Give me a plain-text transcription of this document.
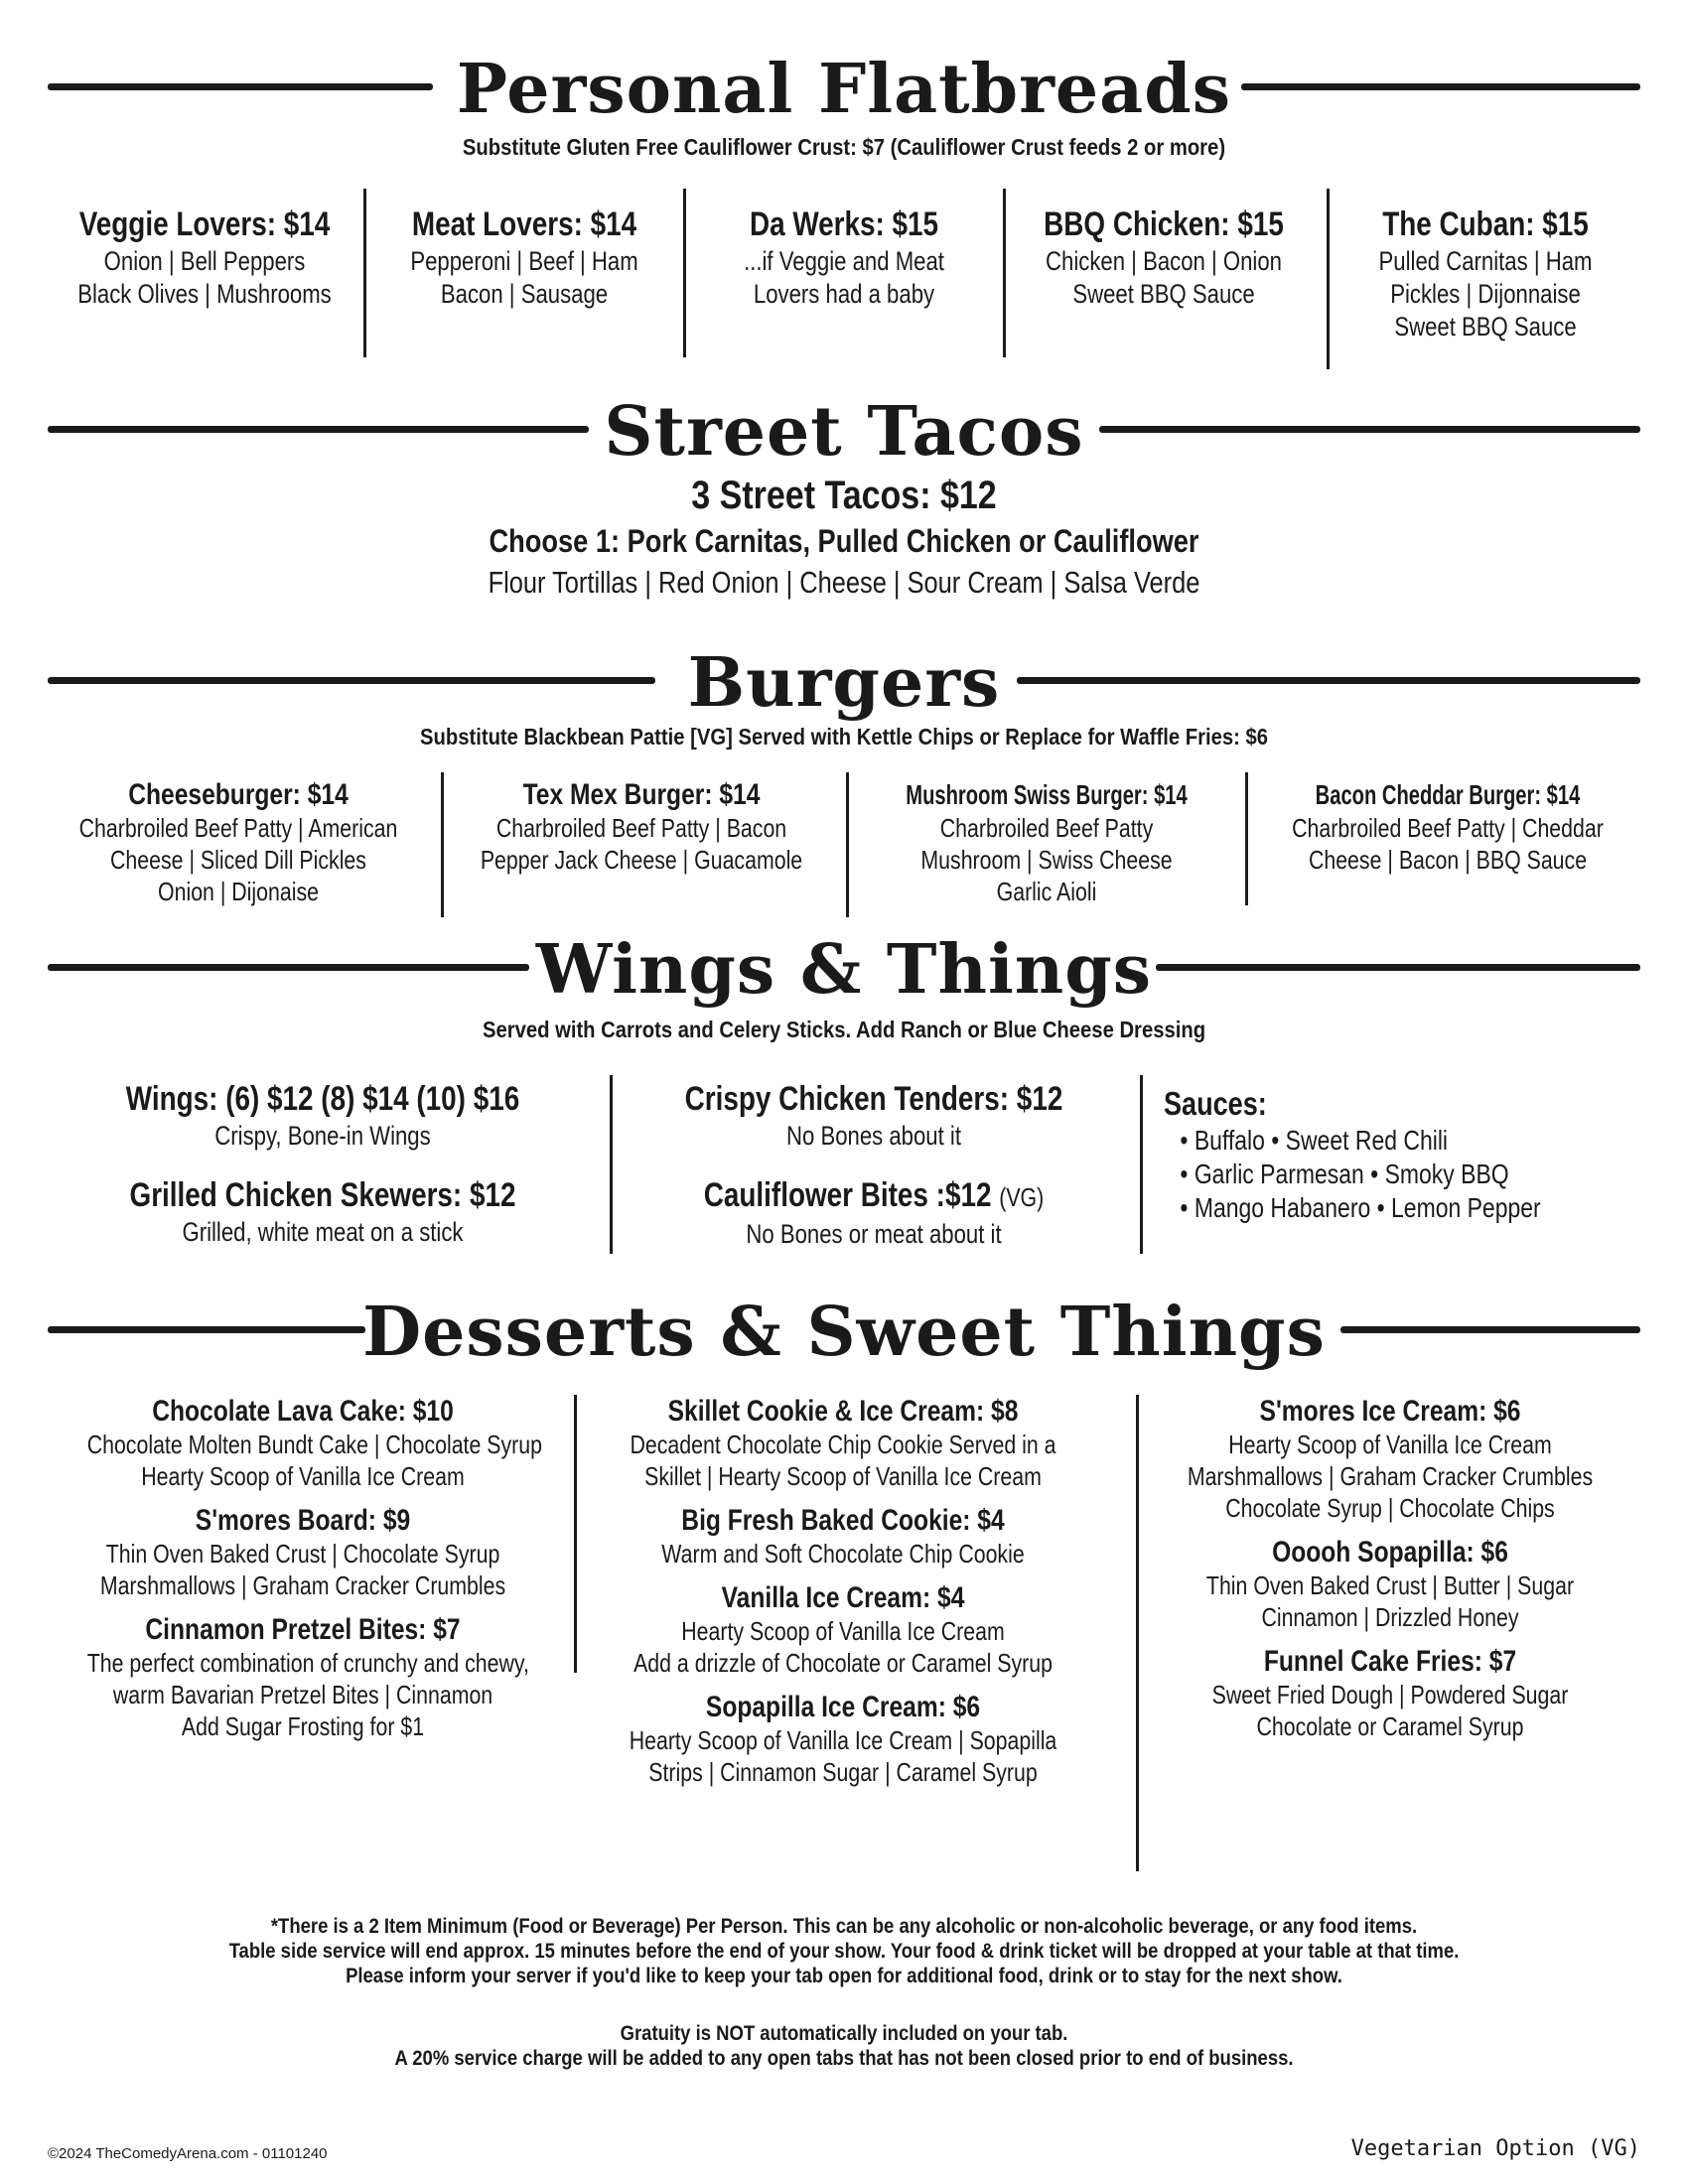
Personal Flatbreads
Substitute Gluten Free Cauliflower Crust: $7 (Cauliflower Crust feeds 2 or more)
Veggie Lovers: $14
Onion | Bell Peppers
Black Olives | Mushrooms
Meat Lovers: $14
Pepperoni | Beef | Ham
Bacon | Sausage
Da Werks: $15
...if Veggie and Meat
Lovers had a baby
BBQ Chicken: $15
Chicken | Bacon | Onion
Sweet BBQ Sauce
The Cuban: $15
Pulled Carnitas | Ham
Pickles | Dijonnaise
Sweet BBQ Sauce
Street Tacos
3 Street Tacos: $12
Choose 1: Pork Carnitas, Pulled Chicken or Cauliflower
Flour Tortillas | Red Onion | Cheese | Sour Cream | Salsa Verde
Burgers
Substitute Blackbean Pattie [VG] Served with Kettle Chips or Replace for Waffle Fries: $6
Cheeseburger: $14
Charbroiled Beef Patty | American
Cheese | Sliced Dill Pickles
Onion | Dijonaise
Tex Mex Burger: $14
Charbroiled Beef Patty | Bacon
Pepper Jack Cheese | Guacamole
Mushroom Swiss Burger: $14
Charbroiled Beef Patty
Mushroom | Swiss Cheese
Garlic Aioli
Bacon Cheddar Burger: $14
Charbroiled Beef Patty | Cheddar
Cheese | Bacon | BBQ Sauce
Wings & Things
Served with Carrots and Celery Sticks. Add Ranch or Blue Cheese Dressing
Wings: (6) $12 (8) $14 (10) $16
Crispy, Bone-in Wings
Grilled Chicken Skewers: $12
Grilled, white meat on a stick
Crispy Chicken Tenders: $12
No Bones about it
Cauliflower Bites :$12 (VG)
No Bones or meat about it
Sauces:
• Buffalo • Sweet Red Chili
• Garlic Parmesan • Smoky BBQ
• Mango Habanero • Lemon Pepper
Desserts & Sweet Things
Chocolate Lava Cake: $10
Chocolate Molten Bundt Cake | Chocolate Syrup
Hearty Scoop of Vanilla Ice Cream
S'mores Board: $9
Thin Oven Baked Crust | Chocolate Syrup
Marshmallows | Graham Cracker Crumbles
Cinnamon Pretzel Bites: $7
The perfect combination of crunchy and chewy,
warm Bavarian Pretzel Bites | Cinnamon
Add Sugar Frosting for $1
Skillet Cookie & Ice Cream: $8
Decadent Chocolate Chip Cookie Served in a
Skillet | Hearty Scoop of Vanilla Ice Cream
Big Fresh Baked Cookie: $4
Warm and Soft Chocolate Chip Cookie
Vanilla Ice Cream: $4
Hearty Scoop of Vanilla Ice Cream
Add a drizzle of Chocolate or Caramel Syrup
Sopapilla Ice Cream: $6
Hearty Scoop of Vanilla Ice Cream | Sopapilla
Strips | Cinnamon Sugar | Caramel Syrup
S'mores Ice Cream: $6
Hearty Scoop of Vanilla Ice Cream
Marshmallows | Graham Cracker Crumbles
Chocolate Syrup | Chocolate Chips
Ooooh Sopapilla: $6
Thin Oven Baked Crust | Butter | Sugar
Cinnamon | Drizzled Honey
Funnel Cake Fries: $7
Sweet Fried Dough | Powdered Sugar
Chocolate or Caramel Syrup
*There is a 2 Item Minimum (Food or Beverage) Per Person. This can be any alcoholic or non-alcoholic beverage, or any food items.
Table side service will end approx. 15 minutes before the end of your show. Your food & drink ticket will be dropped at your table at that time.
Please inform your server if you'd like to keep your tab open for additional food, drink or to stay for the next show.
Gratuity is NOT automatically included on your tab.
A 20% service charge will be added to any open tabs that has not been closed prior to end of business.
©2024 TheComedyArena.com - 01101240	Vegetarian Option (VG)
